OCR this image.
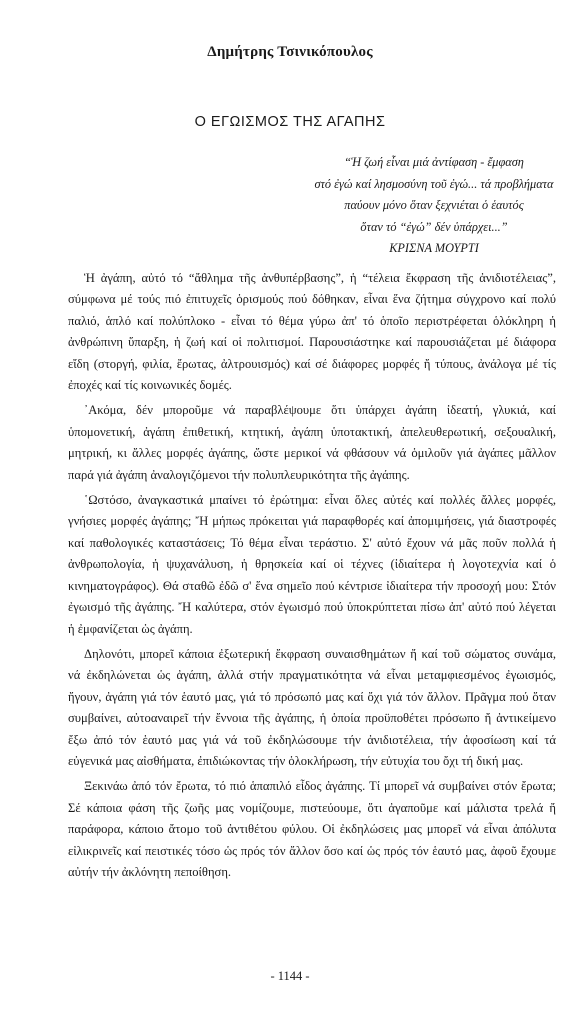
Δημήτρης Τσινικόπουλος
Ο ΕΓΩΙΣΜΟΣ ΤΗΣ ΑΓΑΠΗΣ
“Ἡ ζωή εἶναι μιά ἀντίφαση - ἔμφαση
στό ἐγώ καί λησμοσύνη τοῦ ἐγώ... τά προβλήματα
παύουν μόνο ὅταν ξεχνιέται ὁ ἑαυτός
ὅταν τό “ἐγώ” δέν ὑπάρχει...”
ΚΡΙΣΝΑ ΜΟΥΡΤΙ

Ἡ ἀγάπη, αὐτό τό “ἄθλημα τῆς ἀνθυπέρβασης”, ἡ “τέλεια ἔκφραση τῆς ἀνιδιοτέλειας”, σύμφωνα μέ τούς πιό ἐπιτυχεῖς ὁρισμούς πού δόθηκαν, εἶναι ἕνα ζήτημα σύγχρονο καί πολύ παλιό, ἁπλό καί πολύπλοκο - εἶναι τό θέμα γύρω ἀπ' τό ὁποῖο περιστρέφεται ὁλόκληρη ἡ ἀνθρώπινη ὕπαρξη, ἡ ζωή καί οἱ πολιτισμοί. Παρουσιάστηκε καί παρουσιάζεται μέ διάφορα εἴδη (στοργή, φιλία, ἔρωτας, ἀλτρουισμός) καί σέ διάφορες μορφές ἤ τύπους, ἀνάλογα μέ τίς ἐποχές καί τίς κοινωνικές δομές.

᾿Ακόμα, δέν μποροῦμε νά παραβλέψουμε ὅτι ὑπάρχει ἀγάπη ἰδεατή, γλυκιά, καί ὑπομονετική, ἀγάπη ἐπιθετική, κτητική, ἀγάπη ὑποτακτική, ἀπελευθερωτική, σεξουαλική, μητρική, κι ἄλλες μορφές ἀγάπης, ὥστε μερικοί νά φθάσουν νά ὁμιλοῦν γιά ἀγάπες μᾶλλον παρά γιά ἀγάπη ἀναλογιζόμενοι τήν πολυπλευρικότητα τῆς ἀγάπης.

῾Ωστόσο, ἀναγκαστικά μπαίνει τό ἐρώτημα: εἶναι ὅλες αὐτές καί πολλές ἄλλες μορφές, γνήσιες μορφές ἀγάπης; Ἤ μήπως πρόκειται γιά παραφθορές καί ἀπομιμήσεις, γιά διαστροφές καί παθολογικές καταστάσεις; Τό θέμα εἶναι τεράστιο. Σ' αὐτό ἔχουν νά μᾶς ποῦν πολλά ἡ ἀνθρωπολογία, ἡ ψυχανάλυση, ἡ θρησκεία καί οἱ τέχνες (ἰδιαίτερα ἡ λογοτεχνία καί ὁ κινηματογράφος). Θά σταθῶ ἐδῶ σ' ἕνα σημεῖο πού κέντρισε ἰδιαίτερα τήν προσοχή μου: Στόν ἐγωισμό τῆς ἀγάπης. Ἤ καλύτερα, στόν ἐγωισμό πού ὑποκρύπτεται πίσω ἀπ' αὐτό πού λέγεται ἡ ἐμφανίζεται ὡς ἀγάπη.

Δηλονότι, μπορεῖ κάποια ἐξωτερική ἔκφραση συναισθημάτων ἤ καί τοῦ σώματος συνάμα, νά ἐκδηλώνεται ὡς ἀγάπη, ἀλλά στήν πραγματικότητα νά εἶναι μεταμφιεσμένος ἐγωισμός, ἤγουν, ἀγάπη γιά τόν ἑαυτό μας, γιά τό πρόσωπό μας καί ὄχι γιά τόν ἄλλον. Πρᾶγμα πού ὅταν συμβαίνει, αὐτοαναιρεῖ τήν ἔννοια τῆς ἀγάπης, ἡ ὁποία προϋποθέτει πρόσωπο ἤ ἀντικείμενο ἔξω ἀπό τόν ἑαυτό μας γιά νά τοῦ ἐκδηλώσουμε τήν ἀνιδιοτέλεια, τήν ἀφοσίωση καί τά εὐγενικά μας αἰσθήματα, ἐπιδιώκοντας τήν ὁλοκλήρωση, τήν εὐτυχία του ὄχι τή δική μας.

Ξεκινάω ἀπό τόν ἔρωτα, τό πιό ἁπαπιλό εἶδος ἀγάπης. Τί μπορεῖ νά συμβαίνει στόν ἔρωτα; Σέ κάποια φάση τῆς ζωῆς μας νομίζουμε, πιστεύουμε, ὅτι ἀγαποῦμε καί μάλιστα τρελά ἤ παράφορα, κάποιο ἄτομο τοῦ ἀντιθέτου φύλου. Οἱ ἐκδηλώσεις μας μπορεῖ νά εἶναι ἀπόλυτα εἰλικρινεῖς καί πειστικές τόσο ὡς πρός τόν ἄλλον ὅσο καί ὡς πρός τόν ἑαυτό μας, ἀφοῦ ἔχουμε αὐτήν τήν ἀκλόνητη πεποίθηση.

- 1144 -
